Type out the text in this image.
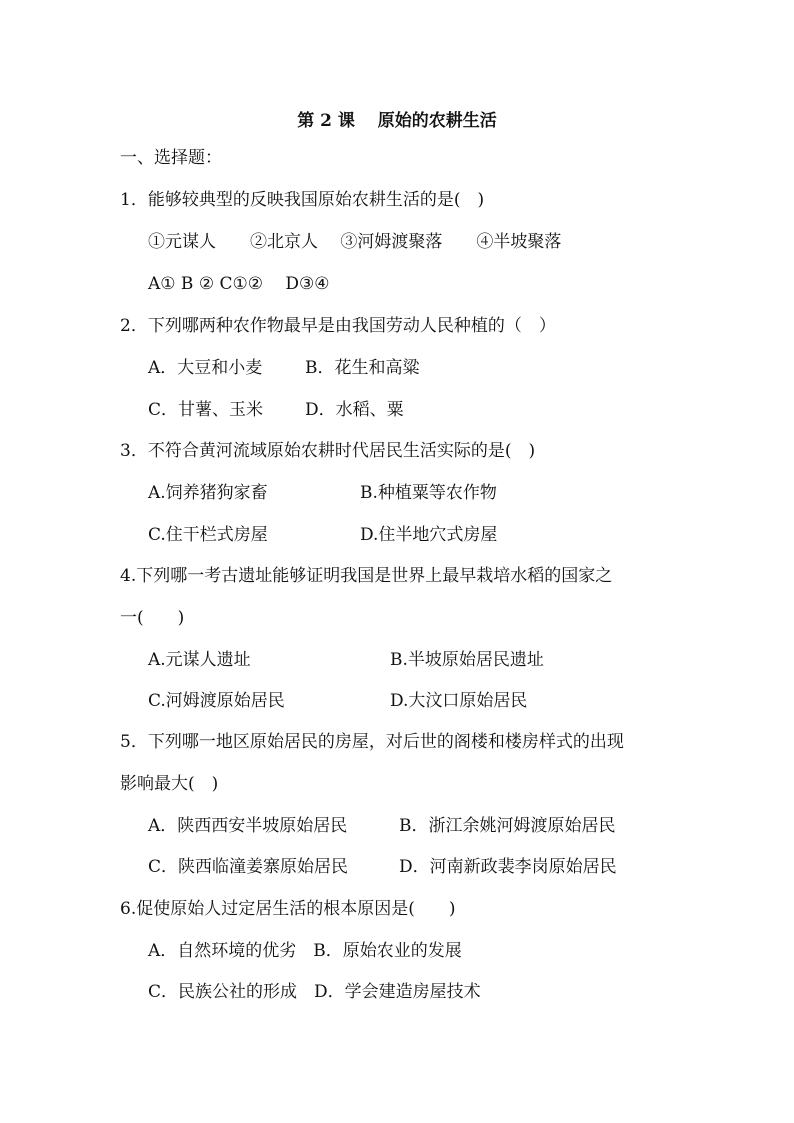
第 2 课　 原始的农耕生活
一、选择题：
1．能够较典型的反映我国原始农耕生活的是(　)
①元谋人　　②北京人　 ③河姆渡聚落　　④半坡聚落
A① B ② C①②　 D③④
2．下列哪两种农作物最早是由我国劳动人民种植的（　）
A．大豆和小麦	B．花生和高粱
C．甘薯、玉米 D．水稻、粟
3．不符合黄河流域原始农耕时代居民生活实际的是(　)
A.饲养猪狗家畜	B.种植粟等农作物
C.住干栏式房屋	D.住半地穴式房屋
4.下列哪一考古遗址能够证明我国是世界上最早栽培水稻的国家之
一(　　)
A.元谋人遗址	B.半坡原始居民遗址
C.河姆渡原始居民	D.大汶口原始居民
5．下列哪一地区原始居民的房屋，对后世的阁楼和楼房样式的出现
影响最大(　)
A．陕西西安半坡原始居民	B．浙江余姚河姆渡原始居民
C．陕西临潼姜寨原始居民	D．河南新政裴李岗原始居民
6.促使原始人过定居生活的根本原因是(　　)
A．自然环境的优劣　B．原始农业的发展
C．民族公社的形成　D．学会建造房屋技术
